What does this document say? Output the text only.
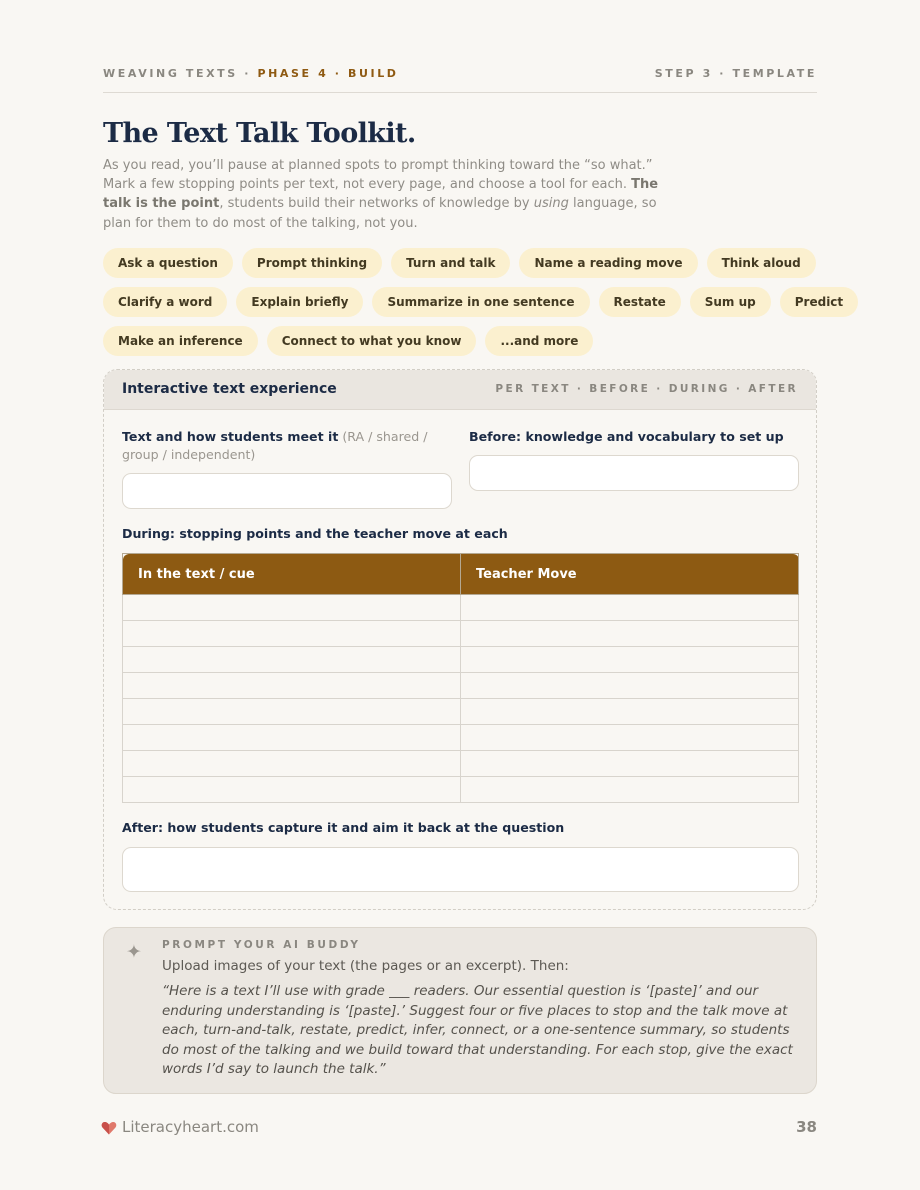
WEAVING TEXTS · PHASE 4 · BUILD	STEP 3 · TEMPLATE
The Text Talk Toolkit.

As you read, you’ll pause at planned spots to prompt thinking toward the “so what.” Mark a few stopping points per text, not every page, and choose a tool for each. The talk is the point, students build their networks of knowledge by using language, so plan for them to do most of the talking, not you.

Ask a question	Prompt thinking	Turn and talk	Name a reading move	Think aloud
Clarify a word	Explain briefly	Summarize in one sentence	Restate	Sum up	Predict
Make an inference	Connect to what you know	...and more
Interactive text experience	PER TEXT · BEFORE · DURING · AFTER
Text and how students meet it (RA / shared / group / independent)
Before: knowledge and vocabulary to set up
During: stopping points and the teacher move at each
In the text / cue	Teacher Move

After: how students capture it and aim it back at the question
✦ PROMPT YOUR AI BUDDY
Upload images of your text (the pages or an excerpt). Then:

“Here is a text I’ll use with grade ___ readers. Our essential question is ‘[paste]’ and our enduring understanding is ‘[paste].’ Suggest four or five places to stop and the talk move at each, turn-and-talk, restate, predict, infer, connect, or a one-sentence summary, so students do most of the talking and we build toward that understanding. For each stop, give the exact words I’d say to launch the talk.”

Literacyheart.com	38
